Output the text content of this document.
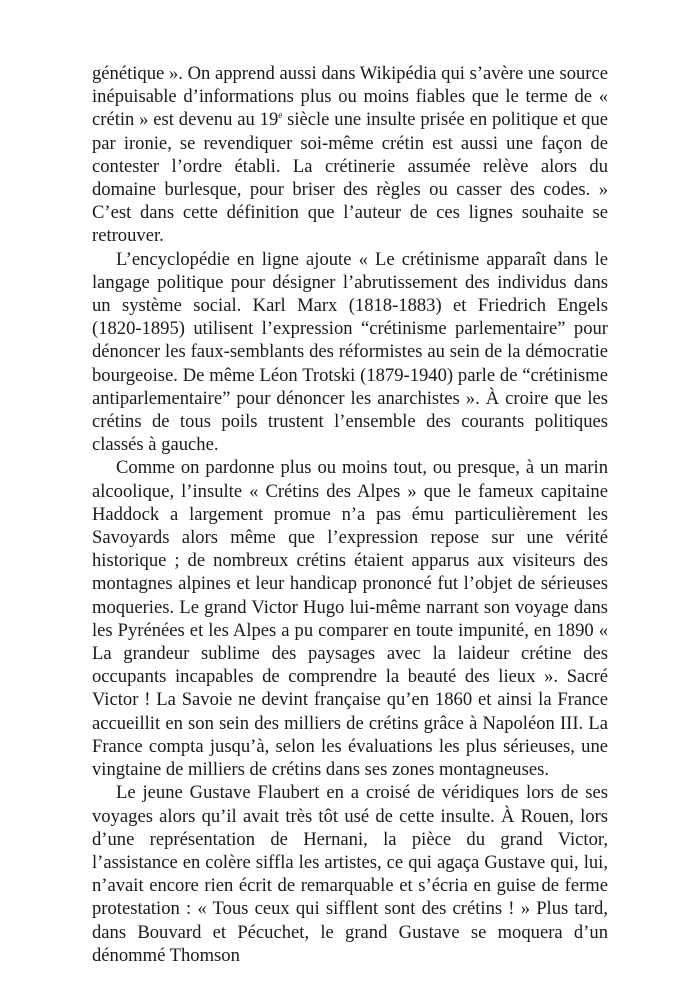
génétique ». On apprend aussi dans Wikipédia qui s’avère une source inépuisable d’informations plus ou moins fiables que le terme de « crétin » est devenu au 19e siècle une insulte prisée en politique et que par ironie, se revendiquer soi-même crétin est aussi une façon de contester l’ordre établi. La crétinerie assumée relève alors du domaine burlesque, pour briser des règles ou casser des codes. » C’est dans cette définition que l’auteur de ces lignes souhaite se retrouver.

L’encyclopédie en ligne ajoute « Le crétinisme apparaît dans le langage politique pour désigner l’abrutissement des individus dans un système social. Karl Marx (1818-1883) et Friedrich Engels (1820-1895) utilisent l’expression “crétinisme parlementaire” pour dénoncer les faux-semblants des réformistes au sein de la démocratie bourgeoise. De même Léon Trotski (1879-1940) parle de “crétinisme antiparlementaire” pour dénoncer les anarchistes ». À croire que les crétins de tous poils trustent l’ensemble des courants politiques classés à gauche.

Comme on pardonne plus ou moins tout, ou presque, à un marin alcoolique, l’insulte « Crétins des Alpes » que le fameux capitaine Haddock a largement promue n’a pas ému particulièrement les Savoyards alors même que l’expression repose sur une vérité historique ; de nombreux crétins étaient apparus aux visiteurs des montagnes alpines et leur handicap prononcé fut l’objet de sérieuses moqueries. Le grand Victor Hugo lui-même narrant son voyage dans les Pyrénées et les Alpes a pu comparer en toute impunité, en 1890 « La grandeur sublime des paysages avec la laideur crétine des occupants incapables de comprendre la beauté des lieux ». Sacré Victor ! La Savoie ne devint française qu’en 1860 et ainsi la France accueillit en son sein des milliers de crétins grâce à Napoléon III. La France compta jusqu’à, selon les évaluations les plus sérieuses, une vingtaine de milliers de crétins dans ses zones montagneuses.

Le jeune Gustave Flaubert en a croisé de véridiques lors de ses voyages alors qu’il avait très tôt usé de cette insulte. À Rouen, lors d’une représentation de Hernani, la pièce du grand Victor, l’assistance en colère siffla les artistes, ce qui agaça Gustave qui, lui, n’avait encore rien écrit de remarquable et s’écria en guise de ferme protestation : « Tous ceux qui sifflent sont des crétins ! » Plus tard, dans Bouvard et Pécuchet, le grand Gustave se moquera d’un dénommé Thomson
